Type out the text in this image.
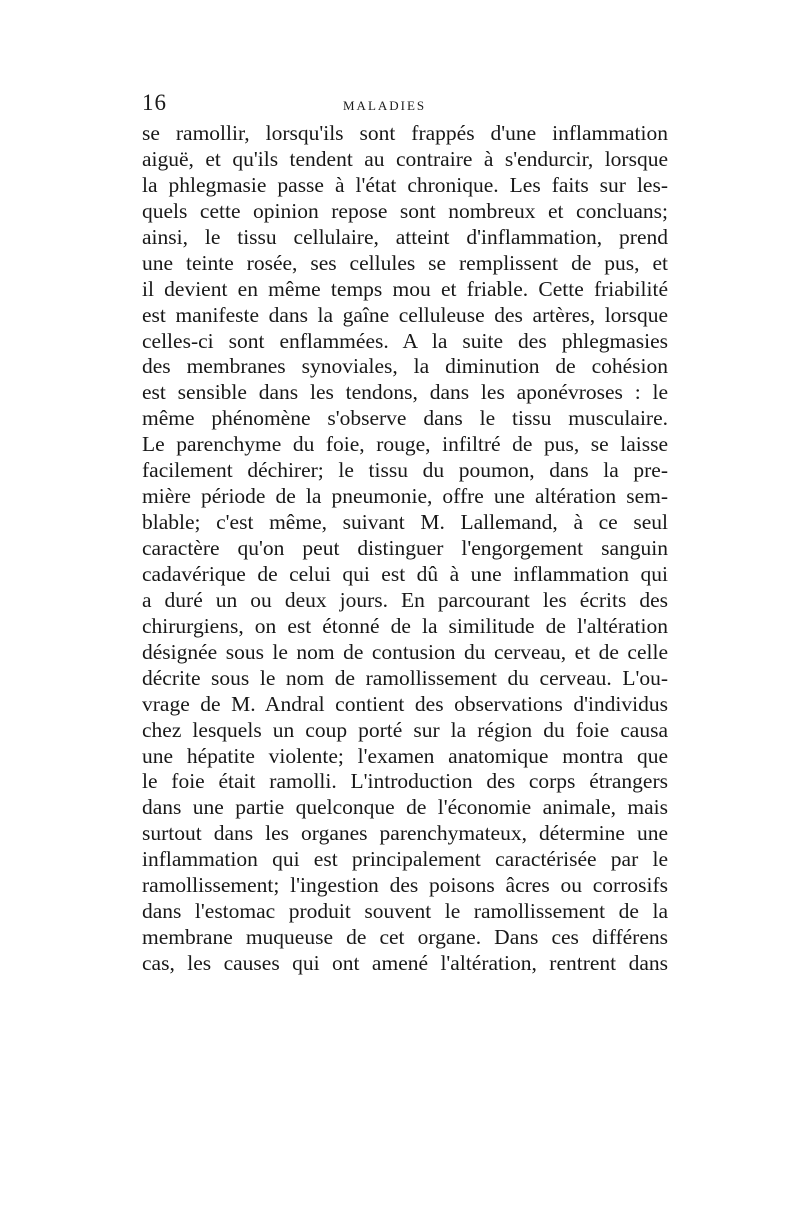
16	MALADIES
se ramollir, lorsqu'ils sont frappés d'une inflammation
aiguë, et qu'ils tendent au contraire à s'endurcir, lorsque
la phlegmasie passe à l'état chronique. Les faits sur les-
quels cette opinion repose sont nombreux et concluans;
ainsi, le tissu cellulaire, atteint d'inflammation, prend
une teinte rosée, ses cellules se remplissent de pus, et
il devient en même temps mou et friable. Cette friabilité
est manifeste dans la gaîne celluleuse des artères, lorsque
celles-ci sont enflammées. A la suite des phlegmasies
des membranes synoviales, la diminution de cohésion
est sensible dans les tendons, dans les aponévroses : le
même phénomène s'observe dans le tissu musculaire.
Le parenchyme du foie, rouge, infiltré de pus, se laisse
facilement déchirer; le tissu du poumon, dans la pre-
mière période de la pneumonie, offre une altération sem-
blable; c'est même, suivant M. Lallemand, à ce seul
caractère qu'on peut distinguer l'engorgement sanguin
cadavérique de celui qui est dû à une inflammation qui
a duré un ou deux jours. En parcourant les écrits des
chirurgiens, on est étonné de la similitude de l'altération
désignée sous le nom de contusion du cerveau, et de celle
décrite sous le nom de ramollissement du cerveau. L'ou-
vrage de M. Andral contient des observations d'individus
chez lesquels un coup porté sur la région du foie causa
une hépatite violente; l'examen anatomique montra que
le foie était ramolli. L'introduction des corps étrangers
dans une partie quelconque de l'économie animale, mais
surtout dans les organes parenchymateux, détermine une
inflammation qui est principalement caractérisée par le
ramollissement; l'ingestion des poisons âcres ou corrosifs
dans l'estomac produit souvent le ramollissement de la
membrane muqueuse de cet organe. Dans ces différens
cas, les causes qui ont amené l'altération, rentrent dans
